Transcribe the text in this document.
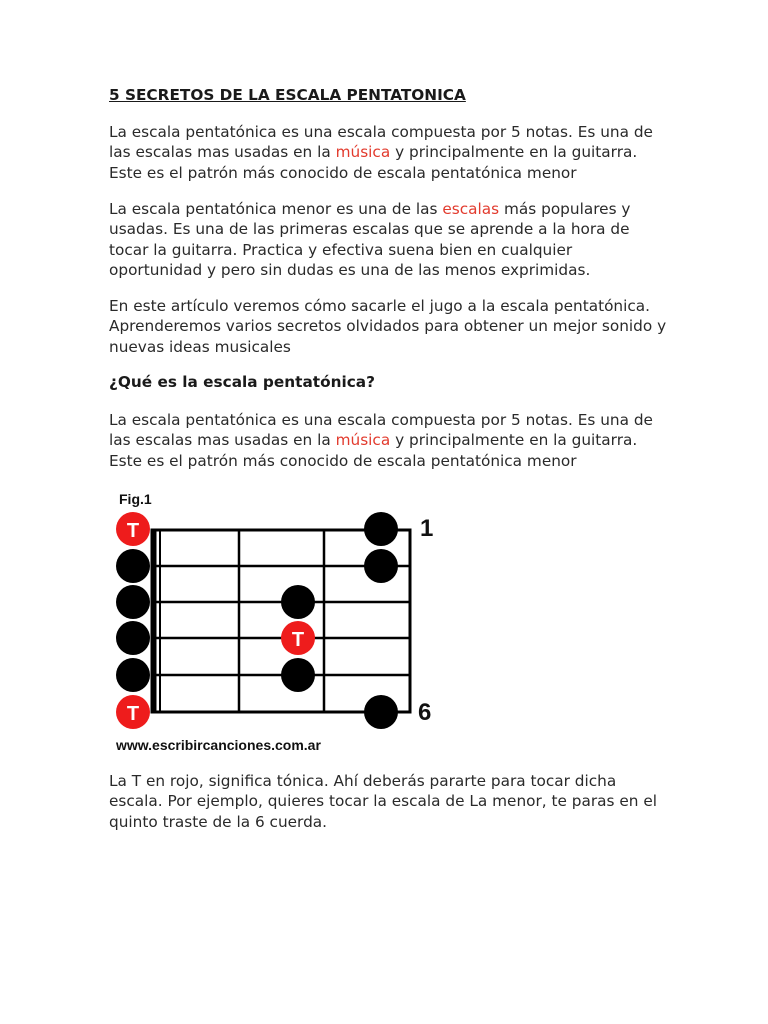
5 SECRETOS DE LA ESCALA PENTATONICA
La escala pentatónica es una escala compuesta por 5 notas. Es una de las escalas mas usadas en la música y principalmente en la guitarra. Este es el patrón más conocido de escala pentatónica menor
La escala pentatónica menor es una de las escalas más populares y usadas. Es una de las primeras escalas que se aprende a la hora de tocar la guitarra. Practica y efectiva suena bien en cualquier oportunidad y pero sin dudas es una de las menos exprimidas.
En este artículo veremos cómo sacarle el jugo a la escala pentatónica. Aprenderemos varios secretos olvidados para obtener un mejor sonido y nuevas ideas musicales
¿Qué es la escala pentatónica?
La escala pentatónica es una escala compuesta por 5 notas. Es una de las escalas mas usadas en la música y principalmente en la guitarra. Este es el patrón más conocido de escala pentatónica menor
Fig.1
T
T
T
1
6
www.escribircanciones.com.ar
La T en rojo, significa tónica. Ahí deberás pararte para tocar dicha escala. Por ejemplo, quieres tocar la escala de La menor, te paras en el quinto traste de la 6 cuerda.
